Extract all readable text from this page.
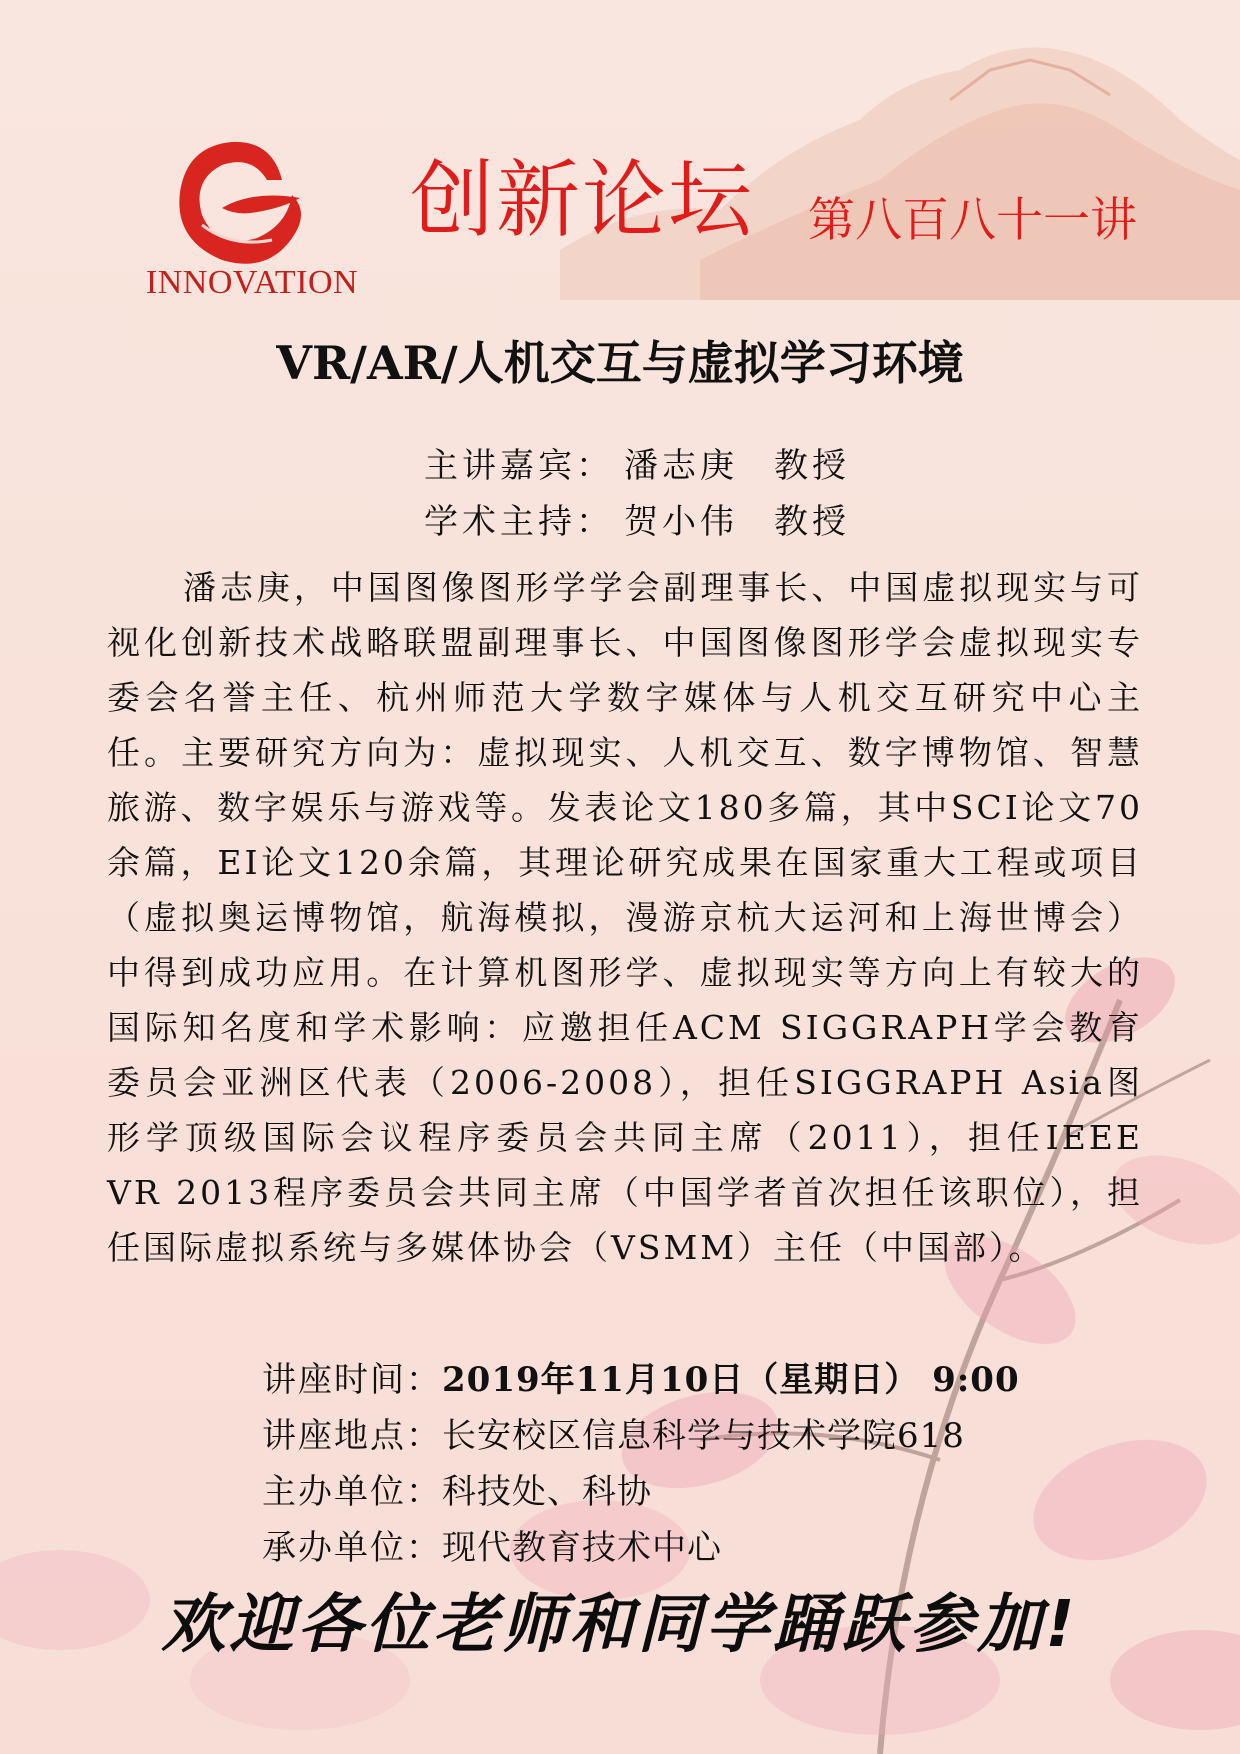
INNOVATION
创新论坛 第八百八十一讲
VR/AR/人机交互与虚拟学习环境
主讲嘉宾： 潘志庚 教授
学术主持： 贺小伟 教授
潘志庚，中国图像图形学学会副理事长、中国虚拟现实与可视化创新技术战略联盟副理事长、中国图像图形学会虚拟现实专委会名誉主任、杭州师范大学数字媒体与人机交互研究中心主任。主要研究方向为：虚拟现实、人机交互、数字博物馆、智慧旅游、数字娱乐与游戏等。发表论文180多篇，其中SCI论文70余篇，EI论文120余篇，其理论研究成果在国家重大工程或项目（虚拟奥运博物馆，航海模拟，漫游京杭大运河和上海世博会）中得到成功应用。在计算机图形学、虚拟现实等方向上有较大的国际知名度和学术影响：应邀担任ACM SIGGRAPH学会教育委员会亚洲区代表（2006-2008），担任SIGGRAPH Asia图形学顶级国际会议程序委员会共同主席（2011），担任IEEE VR 2013程序委员会共同主席（中国学者首次担任该职位），担任国际虚拟系统与多媒体协会（VSMM）主任（中国部）。
讲座时间：2019年11月10日（星期日） 9:00
讲座地点：长安校区信息科学与技术学院618
主办单位：科技处、科协
承办单位：现代教育技术中心
欢迎各位老师和同学踊跃参加!
